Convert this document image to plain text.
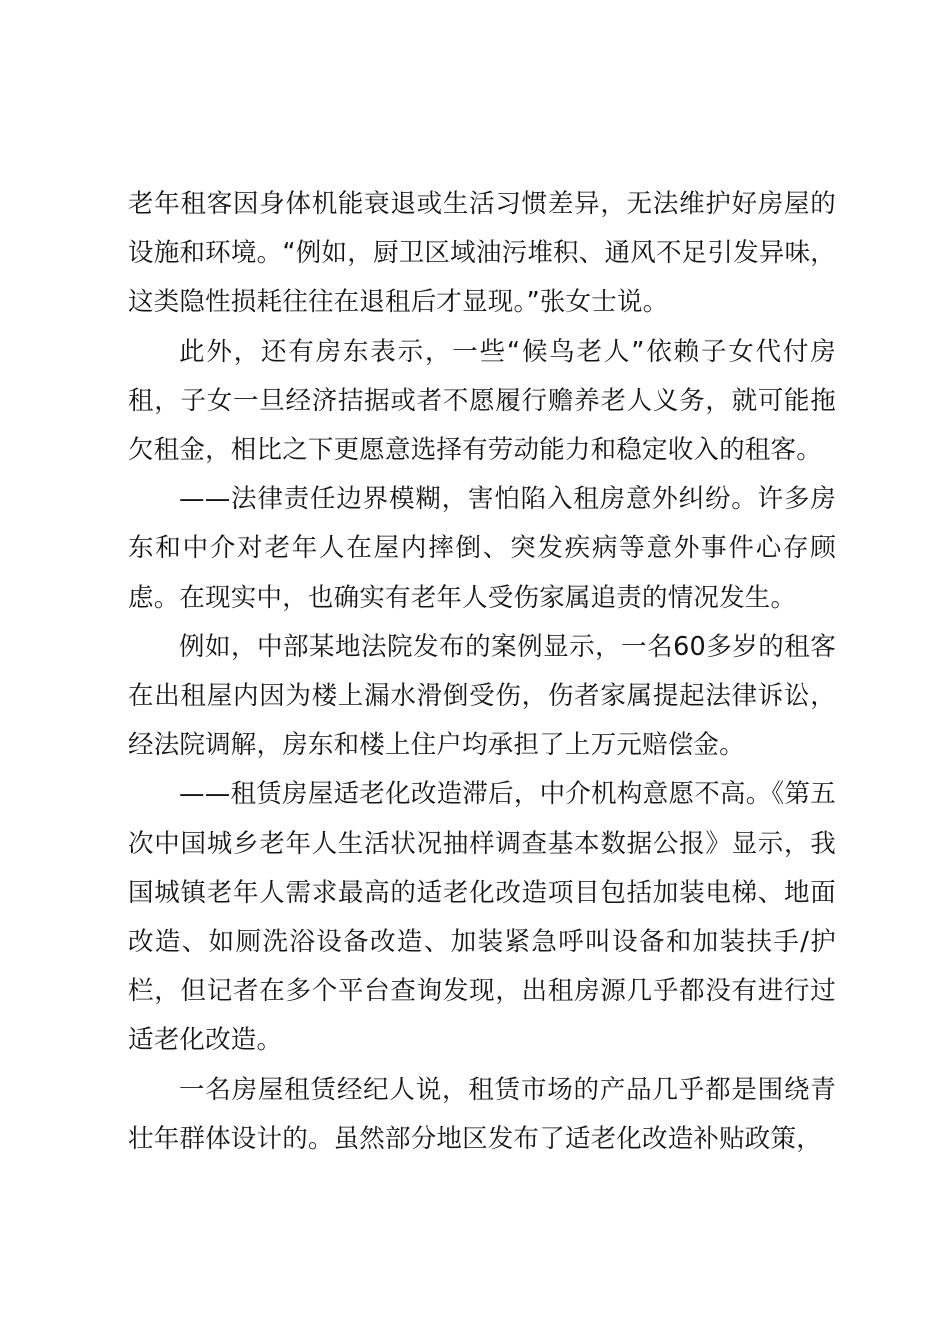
老年租客因身体机能衰退或生活习惯差异，无法维护好房屋的设施和环境。“例如，厨卫区域油污堆积、通风不足引发异味，这类隐性损耗往往在退租后才显现。”张女士说。

此外，还有房东表示，一些“候鸟老人”依赖子女代付房租，子女一旦经济拮据或者不愿履行赡养老人义务，就可能拖欠租金，相比之下更愿意选择有劳动能力和稳定收入的租客。

——法律责任边界模糊，害怕陷入租房意外纠纷。许多房东和中介对老年人在屋内摔倒、突发疾病等意外事件心存顾虑。在现实中，也确实有老年人受伤家属追责的情况发生。

例如，中部某地法院发布的案例显示，一名60多岁的租客在出租屋内因为楼上漏水滑倒受伤，伤者家属提起法律诉讼，经法院调解，房东和楼上住户均承担了上万元赔偿金。

——租赁房屋适老化改造滞后，中介机构意愿不高。《第五次中国城乡老年人生活状况抽样调查基本数据公报》显示，我国城镇老年人需求最高的适老化改造项目包括加装电梯、地面改造、如厕洗浴设备改造、加装紧急呼叫设备和加装扶手/护栏，但记者在多个平台查询发现，出租房源几乎都没有进行过适老化改造。

一名房屋租赁经纪人说，租赁市场的产品几乎都是围绕青壮年群体设计的。虽然部分地区发布了适老化改造补贴政策，
